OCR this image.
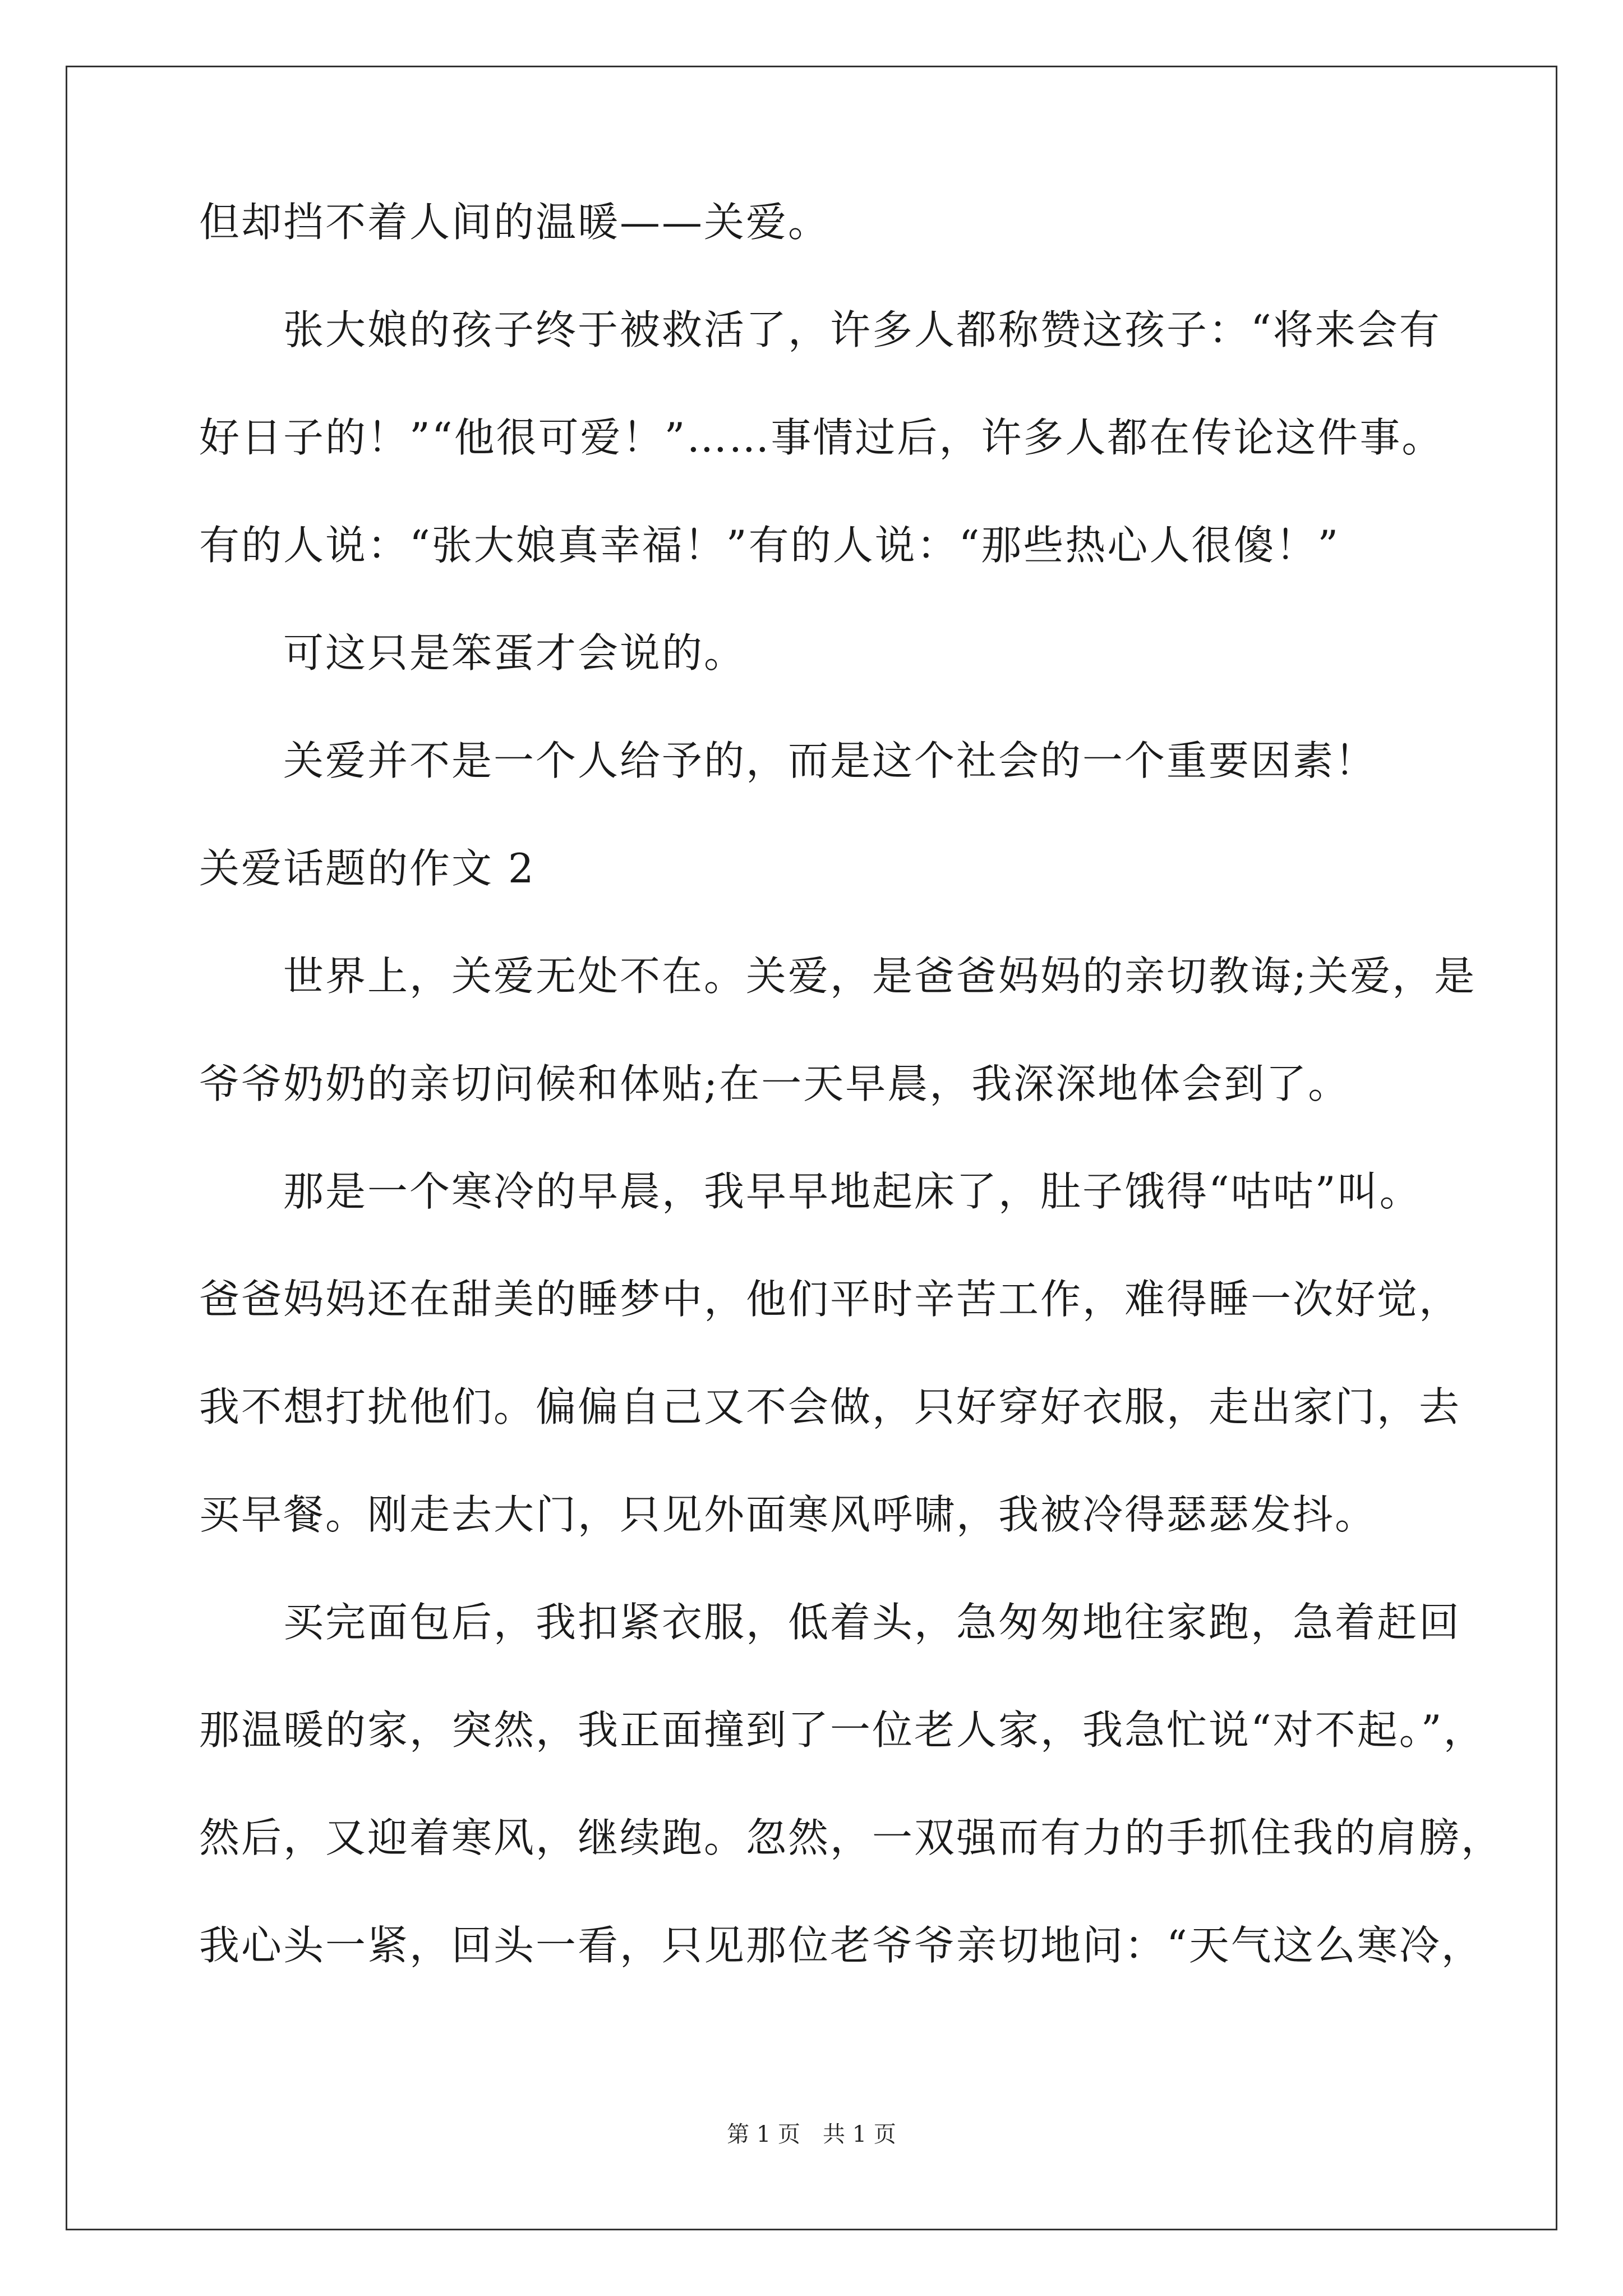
但却挡不着人间的温暖——关爱。
张大娘的孩子终于被救活了，许多人都称赞这孩子：“将来会有
好日子的！”“他很可爱！”……事情过后，许多人都在传论这件事。
有的人说：“张大娘真幸福！”有的人说：“那些热心人很傻！”
可这只是笨蛋才会说的。
关爱并不是一个人给予的，而是这个社会的一个重要因素！
关爱话题的作文 2
世界上，关爱无处不在。关爱，是爸爸妈妈的亲切教诲;关爱，是
爷爷奶奶的亲切问候和体贴;在一天早晨，我深深地体会到了。
那是一个寒冷的早晨，我早早地起床了，肚子饿得“咕咕”叫。
爸爸妈妈还在甜美的睡梦中，他们平时辛苦工作，难得睡一次好觉，
我不想打扰他们。偏偏自己又不会做，只好穿好衣服，走出家门，去
买早餐。刚走去大门，只见外面寒风呼啸，我被冷得瑟瑟发抖。
买完面包后，我扣紧衣服，低着头，急匆匆地往家跑，急着赶回
那温暖的家，突然，我正面撞到了一位老人家，我急忙说“对不起。”，
然后，又迎着寒风，继续跑。忽然，一双强而有力的手抓住我的肩膀，
我心头一紧，回头一看，只见那位老爷爷亲切地问：“天气这么寒冷，
第 1 页 共 1 页
